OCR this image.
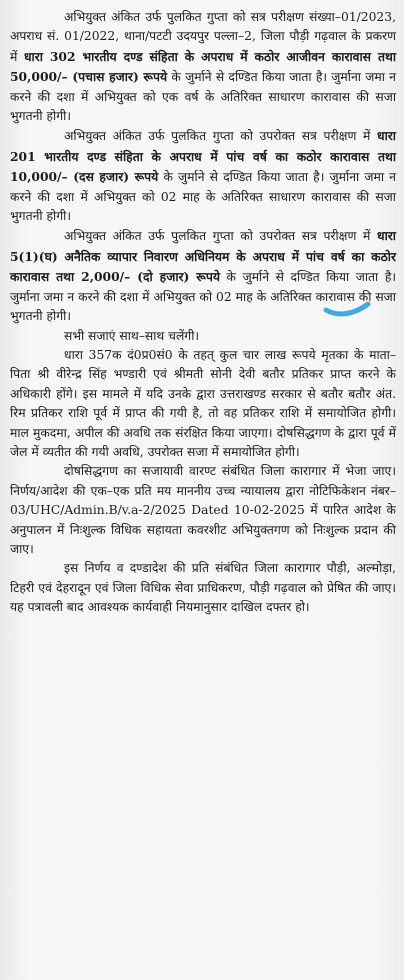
अभियुक्त अंकित उर्फ पुलकित गुप्ता को सत्र परीक्षण संख्या–01/2023, अपराध सं. 01/2022, थाना/पटटी उदयपुर पल्ला–2, जिला पौड़ी गढ़वाल के प्रकरण में धारा 302 भारतीय दण्ड संहिता के अपराध में कठोर आजीवन कारावास तथा 50,000/– (पचास हजार) रूपये के जुर्माने से दण्डित किया जाता है। जुर्माना जमा न करने की दशा में अभियुक्त को एक वर्ष के अतिरिक्त साधारण कारावास की सजा भुगतनी होगी।

अभियुक्त अंकित उर्फ पुलकित गुप्ता को उपरोक्त सत्र परीक्षण में धारा 201 भारतीय दण्ड संहिता के अपराध में पांच वर्ष का कठोर कारावास तथा 10,000/– (दस हजार) रूपये के जुर्माने से दण्डित किया जाता है। जुर्माना जमा न करने की दशा में अभियुक्त को 02 माह के अतिरिक्त साधारण कारावास की सजा भुगतनी होगी।

अभियुक्त अंकित उर्फ पुलकित गुप्ता को उपरोक्त सत्र परीक्षण में धारा 5(1)(घ) अनैतिक व्यापार निवारण अधिनियम के अपराध में पांच वर्ष का कठोर कारावास तथा 2,000/– (दो हजार) रूपये के जुर्माने से दण्डित किया जाता है। जुर्माना जमा न करने की दशा में अभियुक्त को 02 माह के अतिरिक्त कारावास की सजा भुगतनी होगी।

सभी सजाएं साथ–साथ चलेंगी।

धारा 357क दं0प्र0सं0 के तहत् कुल चार लाख रूपये मृतका के माता–पिता श्री वीरेन्द्र सिंह भण्डारी एवं श्रीमती सोनी देवी बतौर प्रतिकर प्राप्त करने के अधिकारी होंगे। इस मामले में यदि उनके द्वारा उत्तराखण्ड सरकार से बतौर बतौर अंत. रिम प्रतिकर राशि पूर्व में प्राप्त की गयी है, तो वह प्रतिकर राशि में समायोजित होगी। माल मुकदमा, अपील की अवधि तक संरक्षित किया जाएगा। दोषसिद्धगण के द्वारा पूर्व में जेल में व्यतीत की गयी अवधि, उपरोक्त सजा में समायोजित होगी।

दोषसिद्धगण का सजायावी वारण्ट संबंधित जिला कारागार में भेजा जाए। निर्णय/आदेश की एक–एक प्रति मय माननीय उच्च न्यायालय द्वारा नोटिफिकेशन नंबर–03/UHC/Admin.B/v.a-2/2025 Dated 10-02-2025 में पारित आदेश के अनुपालन में निःशुल्क विधिक सहायता कवरशीट अभियुक्तगण को निःशुल्क प्रदान की जाए।

इस निर्णय व दण्डादेश की प्रति संबंधित जिला कारागार पौड़ी, अल्मोड़ा, टिहरी एवं देहरादून एवं जिला विधिक सेवा प्राधिकरण, पौड़ी गढ़वाल को प्रेषित की जाए। यह पत्रावली बाद आवश्यक कार्यवाही नियमानुसार दाखिल दफ्तर हो।
